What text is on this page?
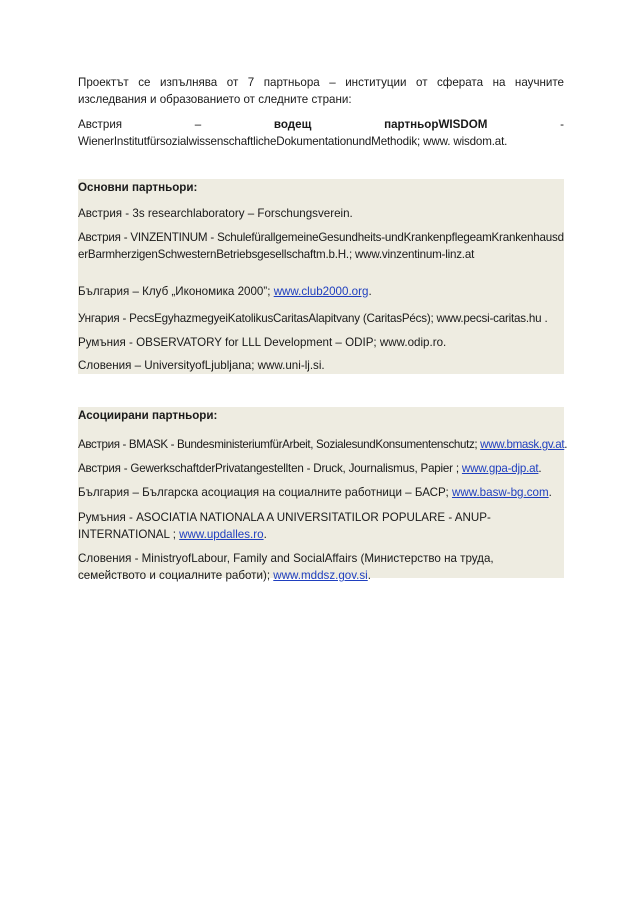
Проектът се изпълнява от 7 партньора – институции от сферата на научните изследвания и образованието от следните страни:
Австрия	–	водещ	партньорWISDOM	-
WienerInstitutfürsozialwissenschaftlicheDokumentationundMethodik; www. wisdom.at.
Основни партньори:
Австрия - 3s researchlaboratory – Forschungsverein.
Австрия - VINZENTINUM - SchulefürallgemeineGesundheits-undKrankenpflegeamKrankenhausderBarmherzigenSchwesternBetriebsgesellschaftm.b.H.; www.vinzentinum-linz.at
България – Клуб „Икономика 2000”; www.club2000.org.
Унгария - PecsEgyhazmegyeiKatolikusCaritasAlapitvany (CaritasPécs); www.pecsi-caritas.hu .
Румъния - OBSERVATORY for LLL Development – ODIP; www.odip.ro.
Словения – UniversityofLjubljana; www.uni-lj.si.
Асоциирани партньори:
Австрия - BMASK - BundesministeriumfürArbeit, SozialesundKonsumentenschutz; www.bmask.gv.at.
Австрия - GewerkschaftderPrivatangestellten - Druck, Journalismus, Papier ; www.gpa-djp.at.
България – Българска асоциация на социалните работници – БАСР; www.basw-bg.com.
Румъния - ASOCIATIA NATIONALA A UNIVERSITATILOR POPULARE - ANUP-INTERNATIONAL ; www.updalles.ro.
Словения - MinistryofLabour, Family and SocialAffairs (Министерство на труда, семейството и социалните работи); www.mddsz.gov.si.
